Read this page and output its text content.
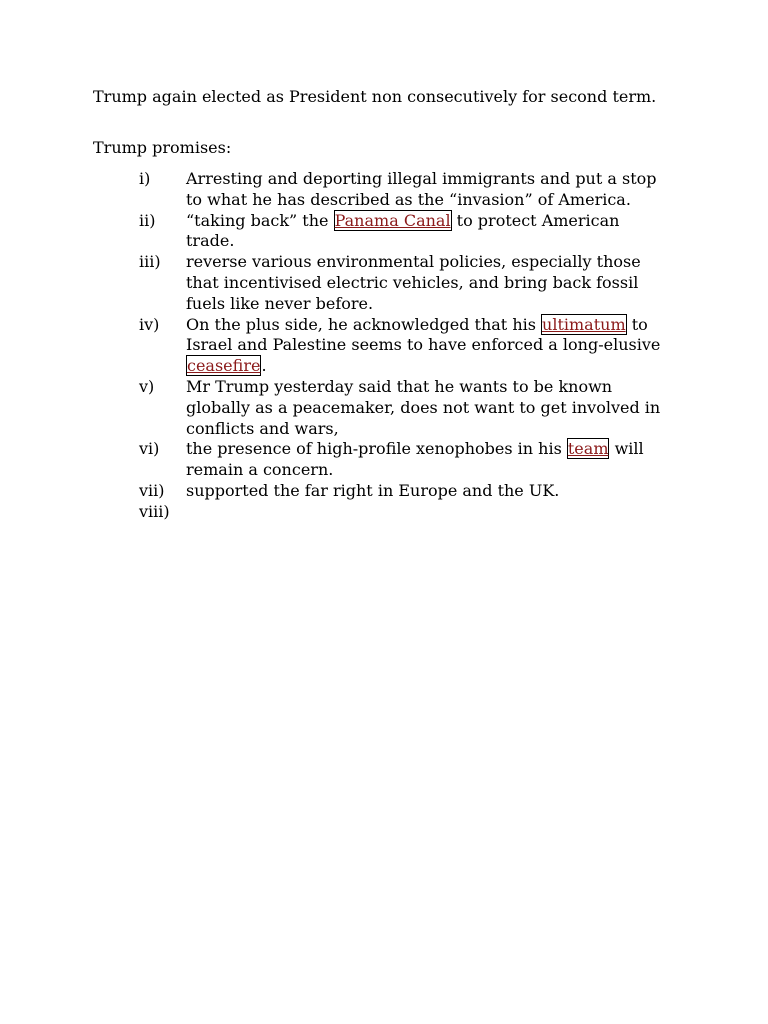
Trump again elected as President non consecutively for second term.

Trump promises:

i) Arresting and deporting illegal immigrants and put a stop to what he has described as the “invasion” of America.
ii) “taking back” the Panama Canal to protect American trade.
iii) reverse various environmental policies, especially those that incentivised electric vehicles, and bring back fossil fuels like never before.
iv) On the plus side, he acknowledged that his ultimatum to Israel and Palestine seems to have enforced a long-elusive ceasefire.
v) Mr Trump yesterday said that he wants to be known globally as a peacemaker, does not want to get involved in conflicts and wars,
vi) the presence of high-profile xenophobes in his team will remain a concern.
vii) supported the far right in Europe and the UK.
viii)
